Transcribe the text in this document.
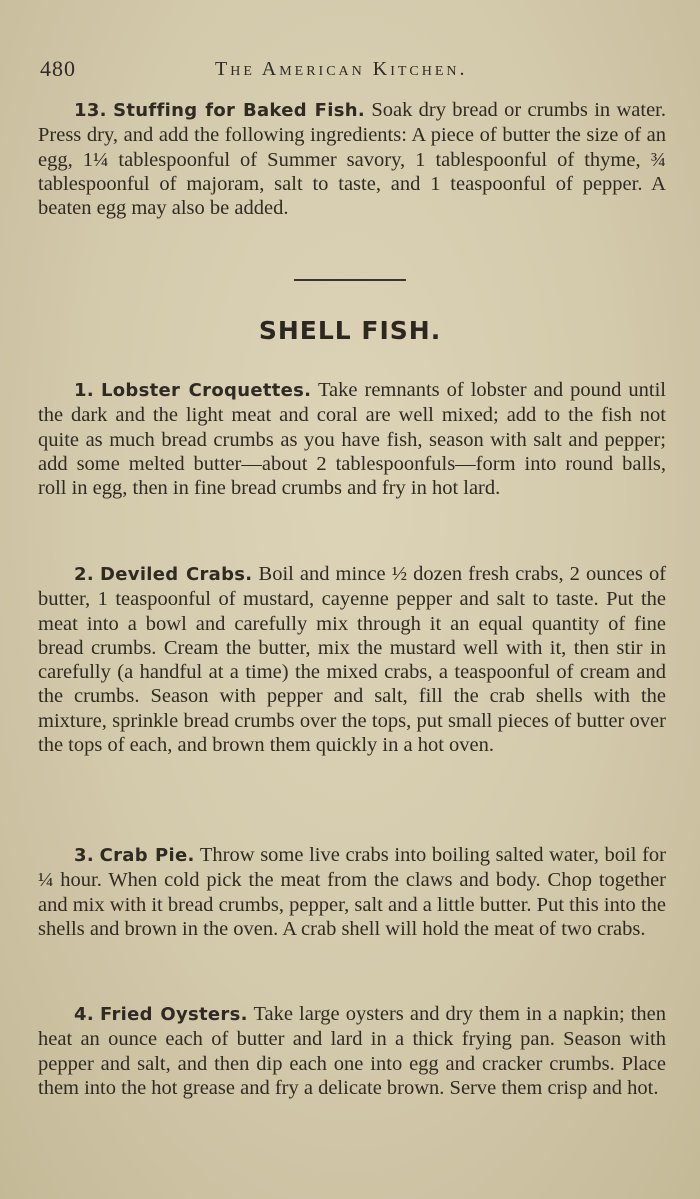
480	The American Kitchen.

13. Stuffing for Baked Fish. Soak dry bread or crumbs in water. Press dry, and add the following ingredients: A piece of butter the size of an egg, 1¼ tablespoonful of Summer savory, 1 tablespoonful of thyme, ¾ tablespoonful of majoram, salt to taste, and 1 teaspoonful of pepper. A beaten egg may also be added.

SHELL FISH.

1. Lobster Croquettes. Take remnants of lobster and pound until the dark and the light meat and coral are well mixed; add to the fish not quite as much bread crumbs as you have fish, season with salt and pepper; add some melted butter—about 2 tablespoonfuls—form into round balls, roll in egg, then in fine bread crumbs and fry in hot lard.

2. Deviled Crabs. Boil and mince ½ dozen fresh crabs, 2 ounces of butter, 1 teaspoonful of mustard, cayenne pepper and salt to taste. Put the meat into a bowl and carefully mix through it an equal quantity of fine bread crumbs. Cream the butter, mix the mustard well with it, then stir in carefully (a handful at a time) the mixed crabs, a teaspoonful of cream and the crumbs. Season with pepper and salt, fill the crab shells with the mixture, sprinkle bread crumbs over the tops, put small pieces of butter over the tops of each, and brown them quickly in a hot oven.

3. Crab Pie. Throw some live crabs into boiling salted water, boil for ¼ hour. When cold pick the meat from the claws and body. Chop together and mix with it bread crumbs, pepper, salt and a little butter. Put this into the shells and brown in the oven. A crab shell will hold the meat of two crabs.

4. Fried Oysters. Take large oysters and dry them in a napkin; then heat an ounce each of butter and lard in a thick frying pan. Season with pepper and salt, and then dip each one into egg and cracker crumbs. Place them into the hot grease and fry a delicate brown. Serve them crisp and hot.
